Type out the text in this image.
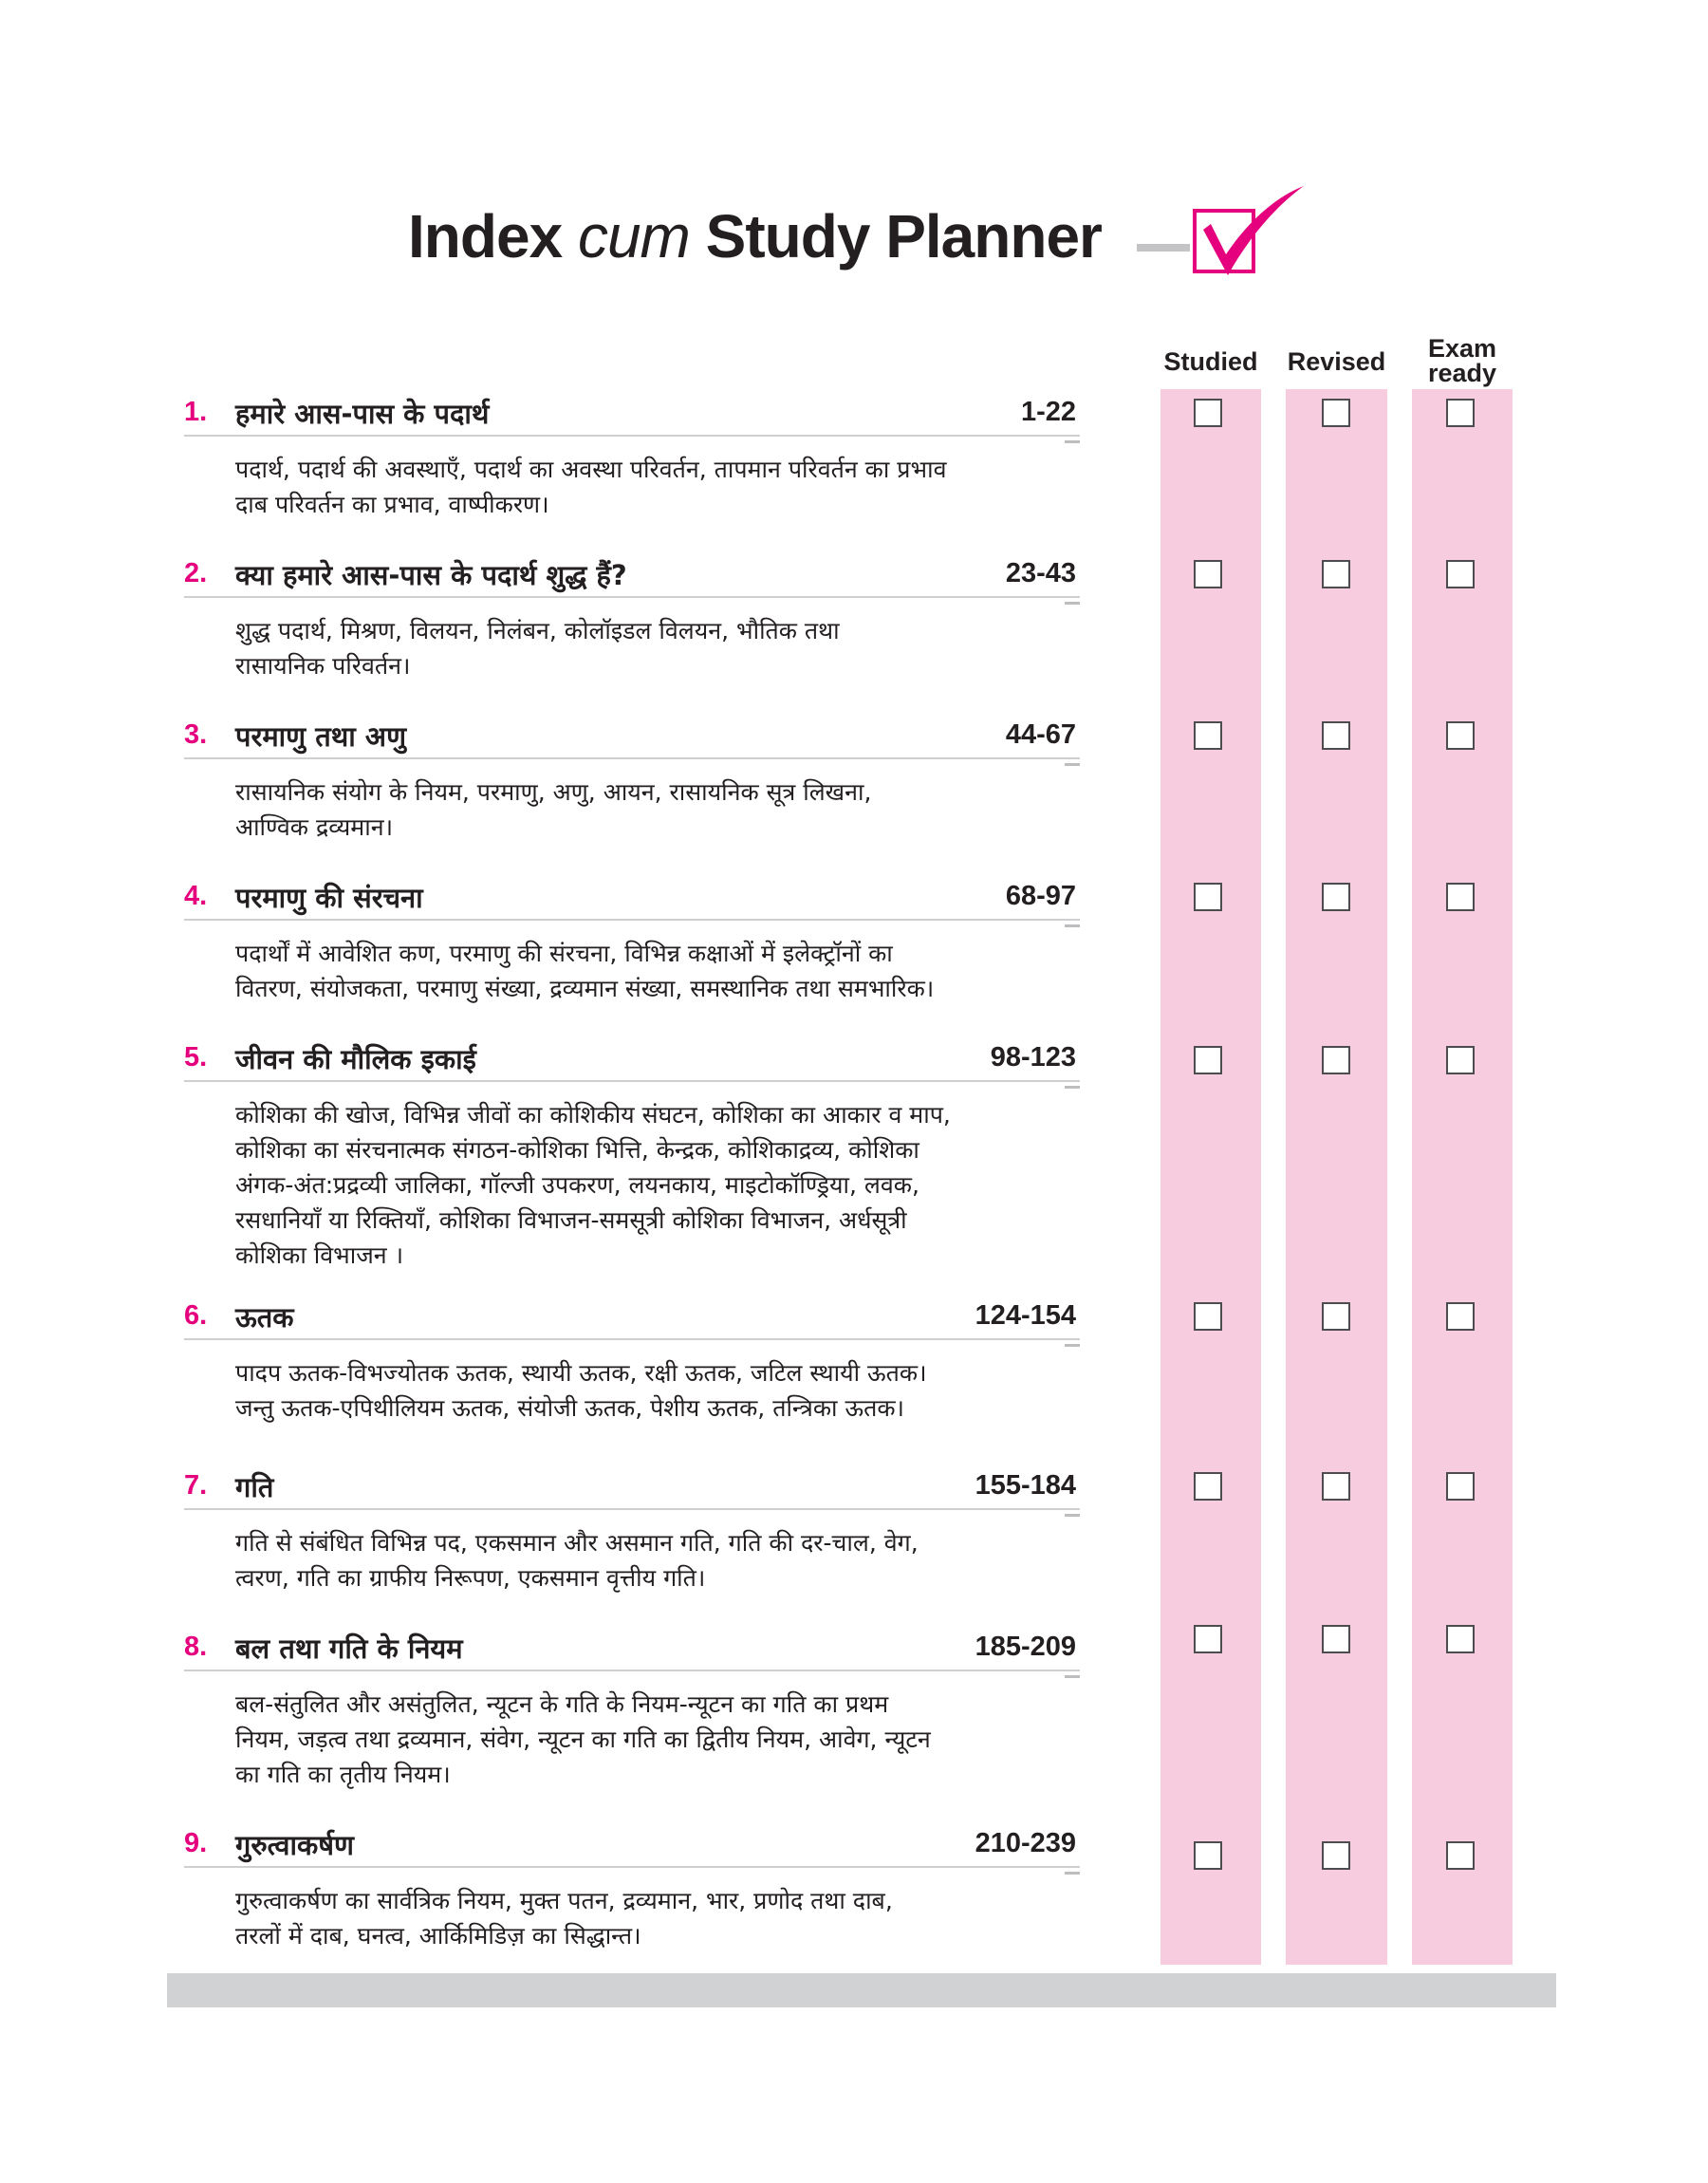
Index cum Study Planner
Studied	Revised	Exam
ready
1. हमारे आस-पास के पदार्थ	1-22
पदार्थ, पदार्थ की अवस्थाएँ, पदार्थ का अवस्था परिवर्तन, तापमान परिवर्तन का प्रभाव
दाब परिवर्तन का प्रभाव, वाष्पीकरण।
2. क्या हमारे आस-पास के पदार्थ शुद्ध हैं?	23-43
शुद्ध पदार्थ, मिश्रण, विलयन, निलंबन, कोलॉइडल विलयन, भौतिक तथा
रासायनिक परिवर्तन।
3. परमाणु तथा अणु	44-67
रासायनिक संयोग के नियम, परमाणु, अणु, आयन, रासायनिक सूत्र लिखना,
आण्विक द्रव्यमान।
4. परमाणु की संरचना	68-97
पदार्थों में आवेशित कण, परमाणु की संरचना, विभिन्न कक्षाओं में इलेक्ट्रॉनों का
वितरण, संयोजकता, परमाणु संख्या, द्रव्यमान संख्या, समस्थानिक तथा समभारिक।
5. जीवन की मौलिक इकाई	98-123
कोशिका की खोज, विभिन्न जीवों का कोशिकीय संघटन, कोशिका का आकार व माप,
कोशिका का संरचनात्मक संगठन-कोशिका भित्ति, केन्द्रक, कोशिकाद्रव्य, कोशिका
अंगक-अंत:प्रद्रव्यी जालिका, गॉल्जी उपकरण, लयनकाय, माइटोकॉण्ड्रिया, लवक,
रसधानियाँ या रिक्तियाँ, कोशिका विभाजन-समसूत्री कोशिका विभाजन, अर्धसूत्री
कोशिका विभाजन ।
6. ऊतक	124-154
पादप ऊतक-विभज्योतक ऊतक, स्थायी ऊतक, रक्षी ऊतक, जटिल स्थायी ऊतक।
जन्तु ऊतक-एपिथीलियम ऊतक, संयोजी ऊतक, पेशीय ऊतक, तन्त्रिका ऊतक।
7. गति	155-184
गति से संबंधित विभिन्न पद, एकसमान और असमान गति, गति की दर-चाल, वेग,
त्वरण, गति का ग्राफीय निरूपण, एकसमान वृत्तीय गति।
8. बल तथा गति के नियम	185-209
बल-संतुलित और असंतुलित, न्यूटन के गति के नियम-न्यूटन का गति का प्रथम
नियम, जड़त्व तथा द्रव्यमान, संवेग, न्यूटन का गति का द्वितीय नियम, आवेग, न्यूटन
का गति का तृतीय नियम।
9. गुरुत्वाकर्षण	210-239
गुरुत्वाकर्षण का सार्वत्रिक नियम, मुक्त पतन, द्रव्यमान, भार, प्रणोद तथा दाब,
तरलों में दाब, घनत्व, आर्किमिडिज़ का सिद्धान्त।
